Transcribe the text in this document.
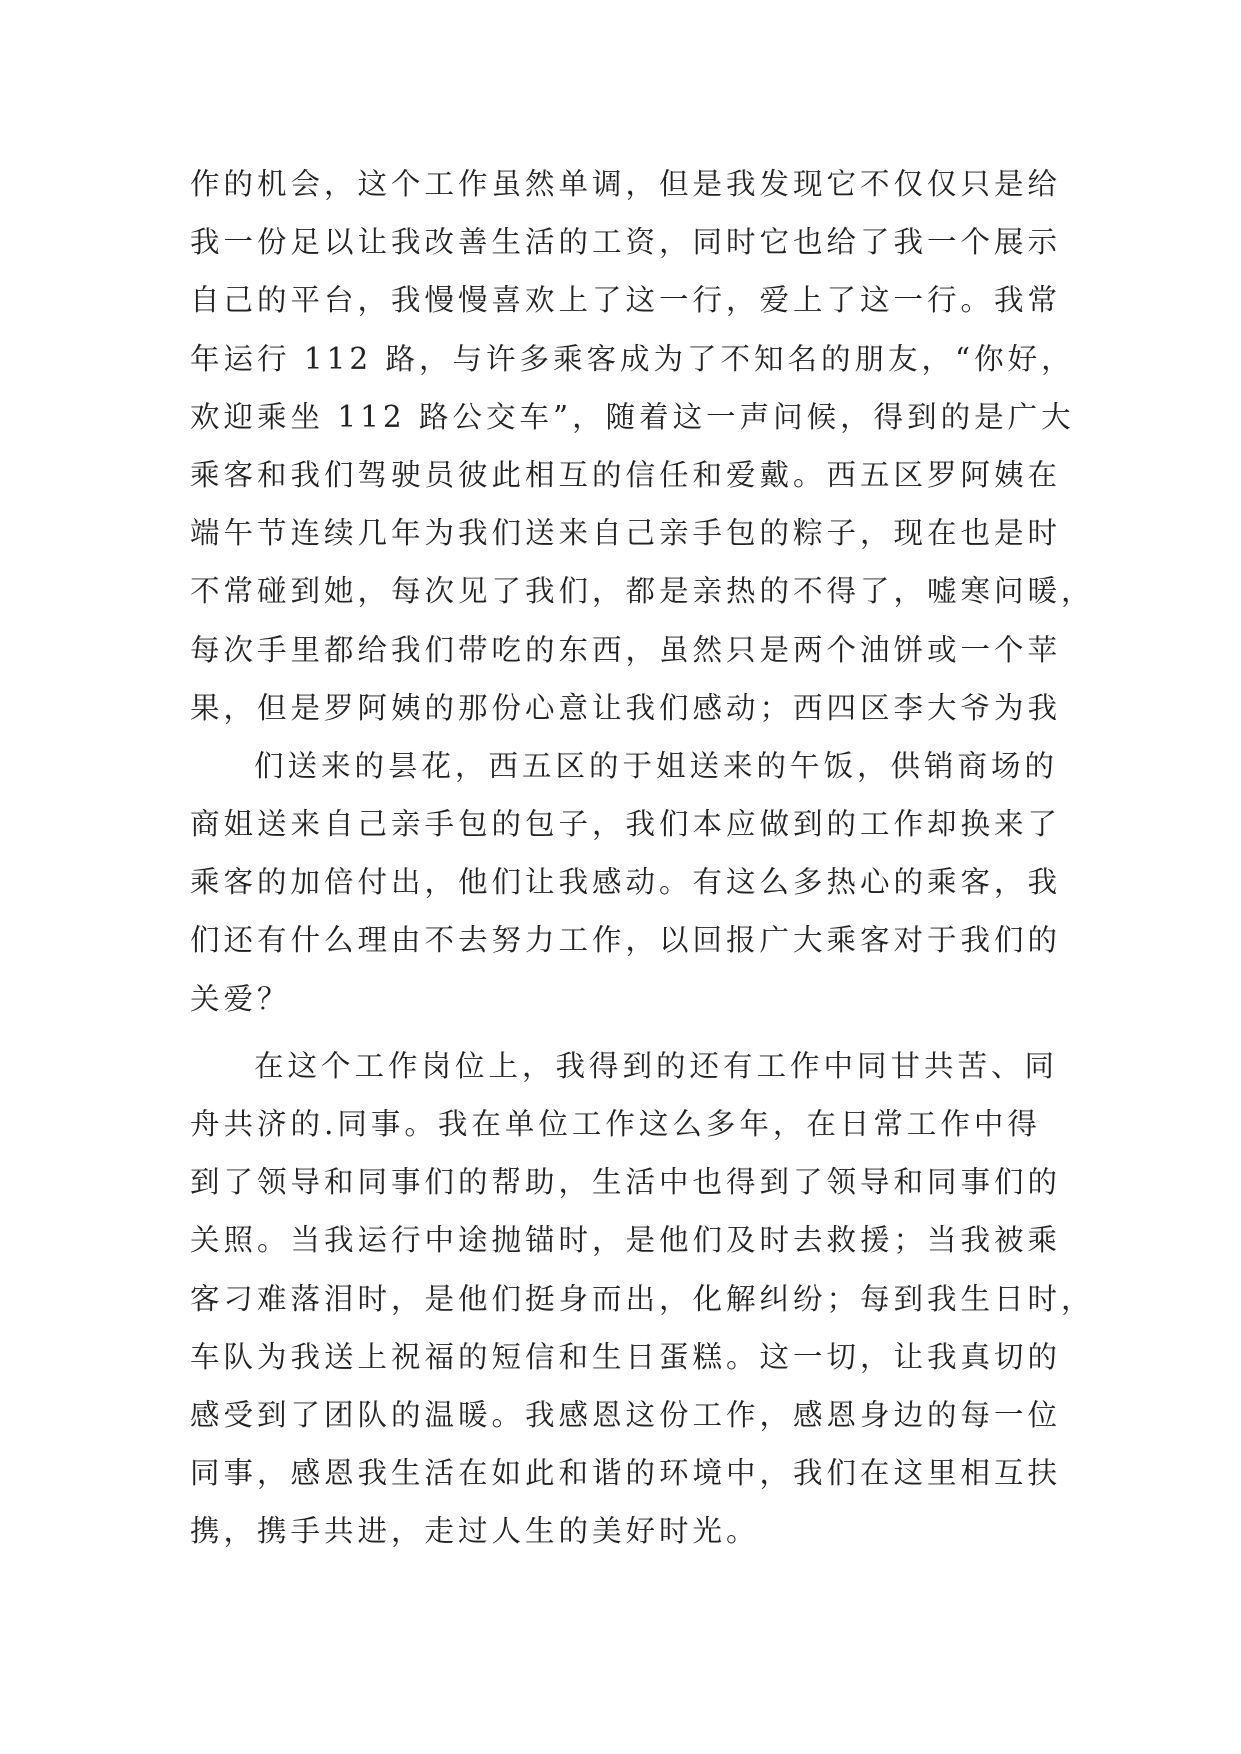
作的机会，这个工作虽然单调，但是我发现它不仅仅只是给
我一份足以让我改善生活的工资，同时它也给了我一个展示
自己的平台，我慢慢喜欢上了这一行，爱上了这一行。我常
年运行 112 路，与许多乘客成为了不知名的朋友，“你好，
欢迎乘坐 112 路公交车”，随着这一声问候，得到的是广大
乘客和我们驾驶员彼此相互的信任和爱戴。西五区罗阿姨在
端午节连续几年为我们送来自己亲手包的粽子，现在也是时
不常碰到她，每次见了我们，都是亲热的不得了，嘘寒问暖，
每次手里都给我们带吃的东西，虽然只是两个油饼或一个苹
果，但是罗阿姨的那份心意让我们感动；西四区李大爷为我
们送来的昙花，西五区的于姐送来的午饭，供销商场的
商姐送来自己亲手包的包子，我们本应做到的工作却换来了
乘客的加倍付出，他们让我感动。有这么多热心的乘客，我
们还有什么理由不去努力工作，以回报广大乘客对于我们的
关爱？
在这个工作岗位上，我得到的还有工作中同甘共苦、同
舟共济的.同事。我在单位工作这么多年，在日常工作中得
到了领导和同事们的帮助，生活中也得到了领导和同事们的
关照。当我运行中途抛锚时，是他们及时去救援；当我被乘
客刁难落泪时，是他们挺身而出，化解纠纷；每到我生日时，
车队为我送上祝福的短信和生日蛋糕。这一切，让我真切的
感受到了团队的温暖。我感恩这份工作，感恩身边的每一位
同事，感恩我生活在如此和谐的环境中，我们在这里相互扶
携，携手共进，走过人生的美好时光。
